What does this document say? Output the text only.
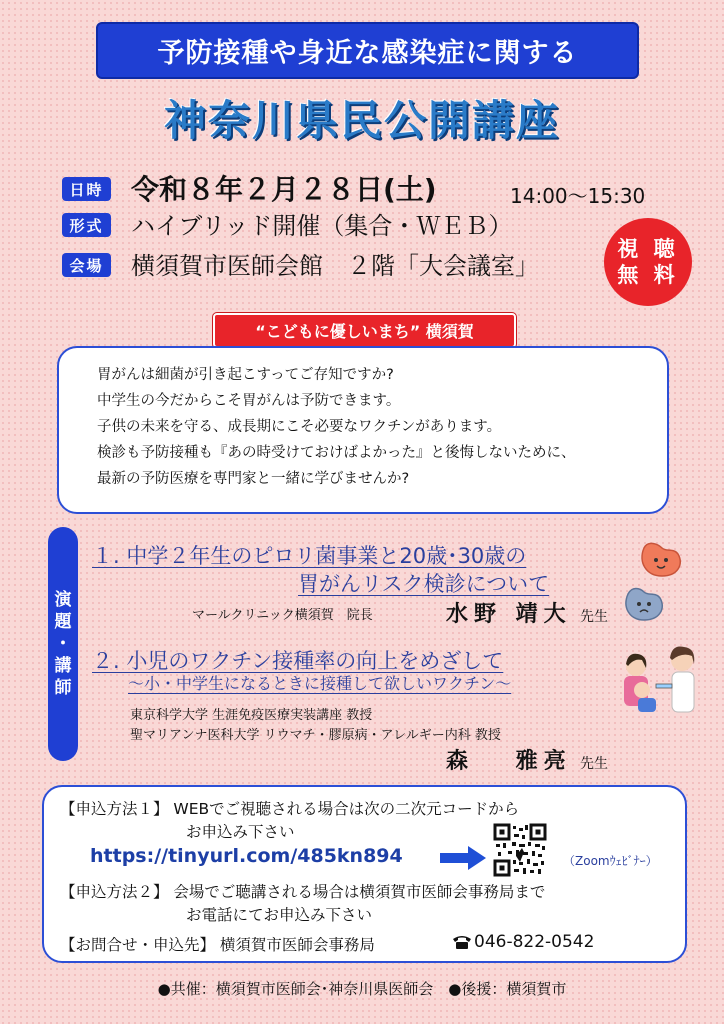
予防接種や身近な感染症に関する
神奈川県民公開講座
日時 令和８年２月２８日(土)	14:00〜15:30
形式	ハイブリッド開催（集合・ＷＥＢ）
会場	横須賀市医師会館　２階「大会議室」
視 聴
無 料
“こどもに優しいまち” 横須賀
胃がんは細菌が引き起こすってご存知ですか?
中学生の今だからこそ胃がんは予防できます。
子供の未来を守る、成長期にこそ必要なワクチンがあります。
検診も予防接種も『あの時受けておけばよかった』と後悔しないために、
最新の予防医療を専門家と一緒に学びませんか?
演
題
・
講
師
１. 中学２年生のピロリ菌事業と20歳･30歳の
胃がんリスク検診について
マールクリニック横須賀　院長	水野 靖大 先生
２. 小児のワクチン接種率の向上をめざして
〜小・中学生になるときに接種して欲しいワクチン〜
東京科学大学 生涯免疫医療実装講座 教授
聖マリアンナ医科大学 リウマチ・膠原病・アレルギー内科 教授
森　 雅亮 先生
【申込方法１】 WEBでご視聴される場合は次の二次元コードから
お申込み下さい
https://tinyurl.com/485kn894	（Zoomｳｪﾋﾞﾅｰ）
【申込方法２】 会場でご聴講される場合は横須賀市医師会事務局まで
お電話にてお申込み下さい
【お問合せ・申込先】 横須賀市医師会事務局	046-822-0542
●共催：横須賀市医師会･神奈川県医師会　●後援：横須賀市
